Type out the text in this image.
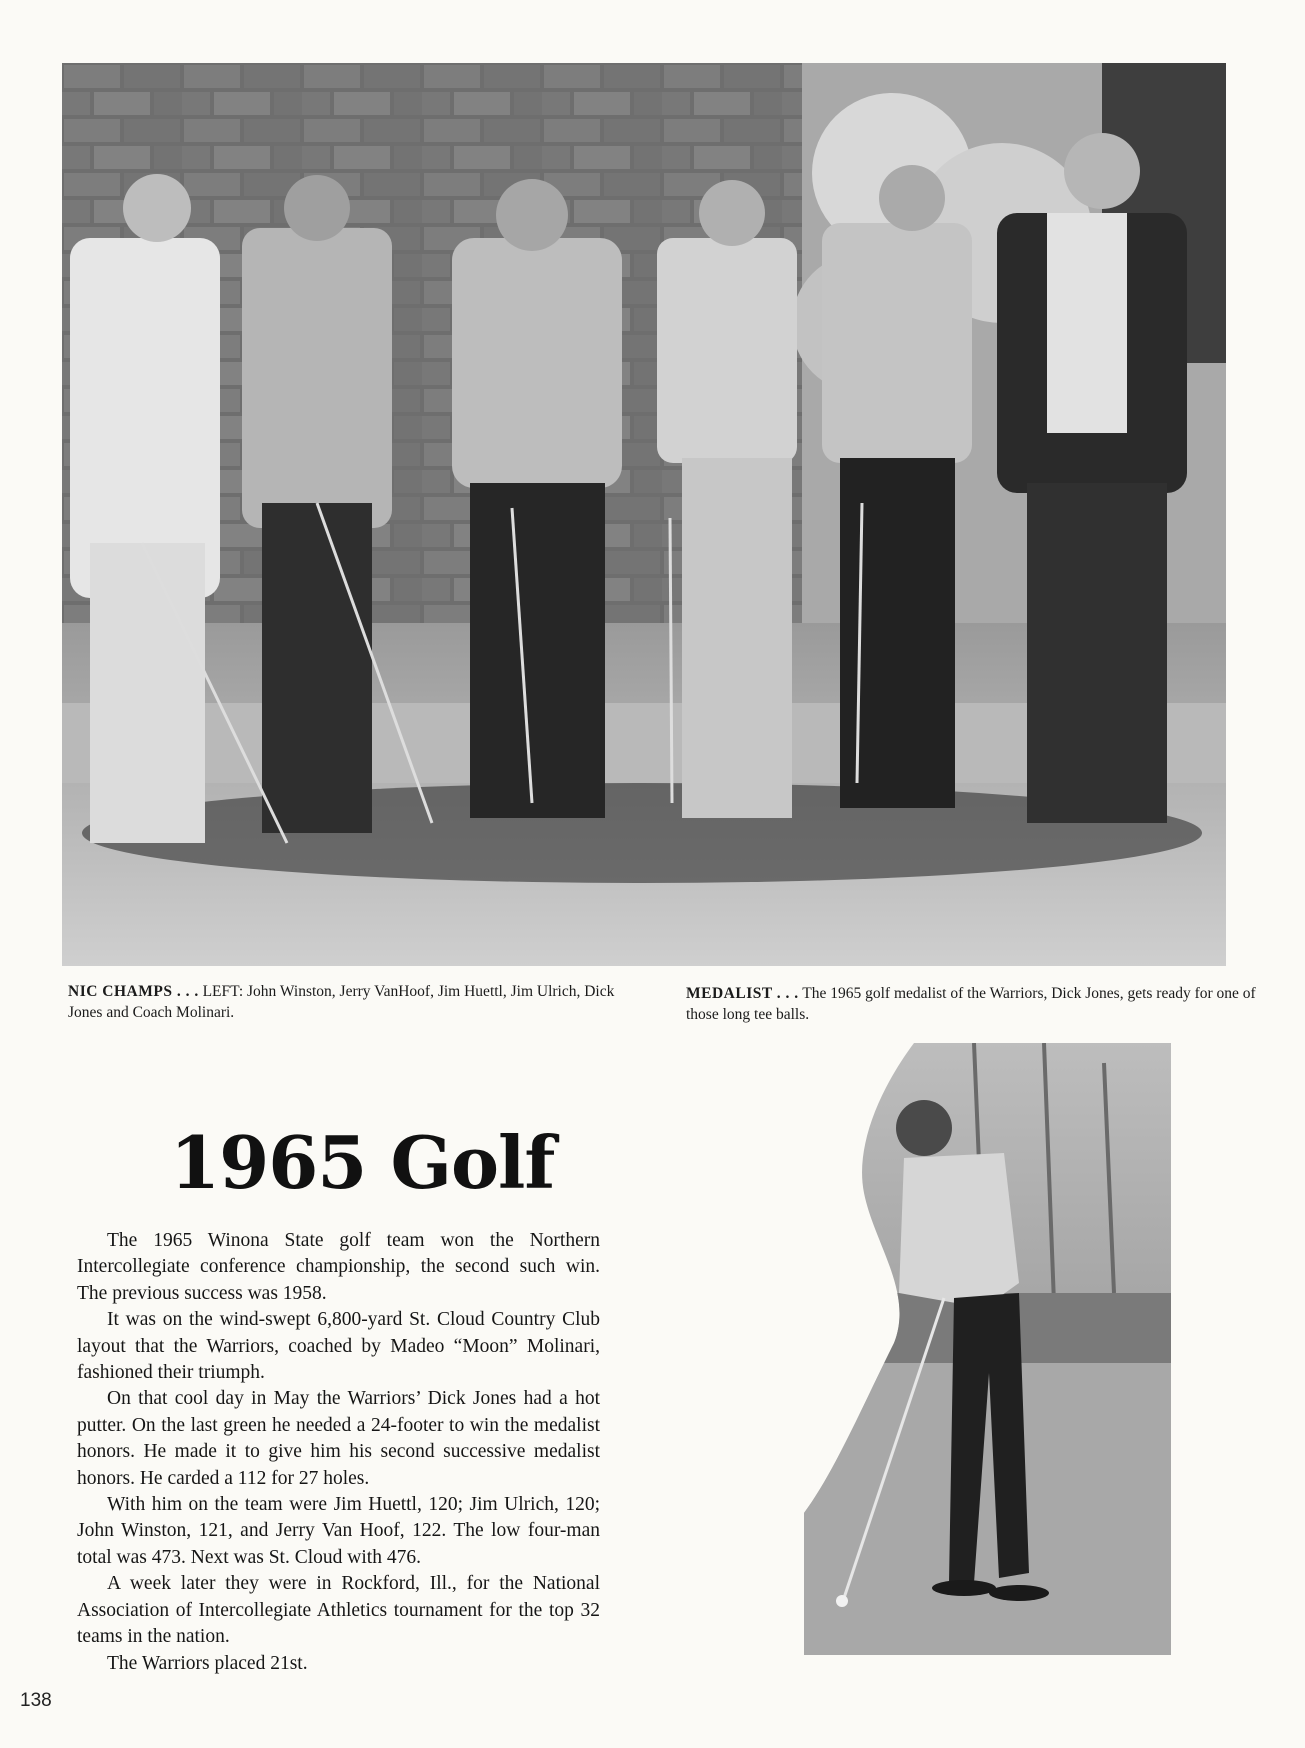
NIC CHAMPS . . . LEFT: John Winston, Jerry VanHoof, Jim Huettl, Jim Ulrich, Dick Jones and Coach Molinari.
MEDALIST . . . The 1965 golf medalist of the Warriors, Dick Jones, gets ready for one of those long tee balls.
1965 Golf

The 1965 Winona State golf team won the Northern Intercollegiate conference championship, the second such win. The previous success was 1958.

It was on the wind-swept 6,800-yard St. Cloud Country Club layout that the Warriors, coached by Madeo “Moon” Molinari, fashioned their triumph.

On that cool day in May the Warriors’ Dick Jones had a hot putter. On the last green he needed a 24-footer to win the medalist honors. He made it to give him his second successive medalist honors. He carded a 112 for 27 holes.

With him on the team were Jim Huettl, 120; Jim Ulrich, 120; John Winston, 121, and Jerry Van Hoof, 122. The low four-man total was 473. Next was St. Cloud with 476.

A week later they were in Rockford, Ill., for the National Association of Intercollegiate Athletics tournament for the top 32 teams in the nation.

The Warriors placed 21st.

138
